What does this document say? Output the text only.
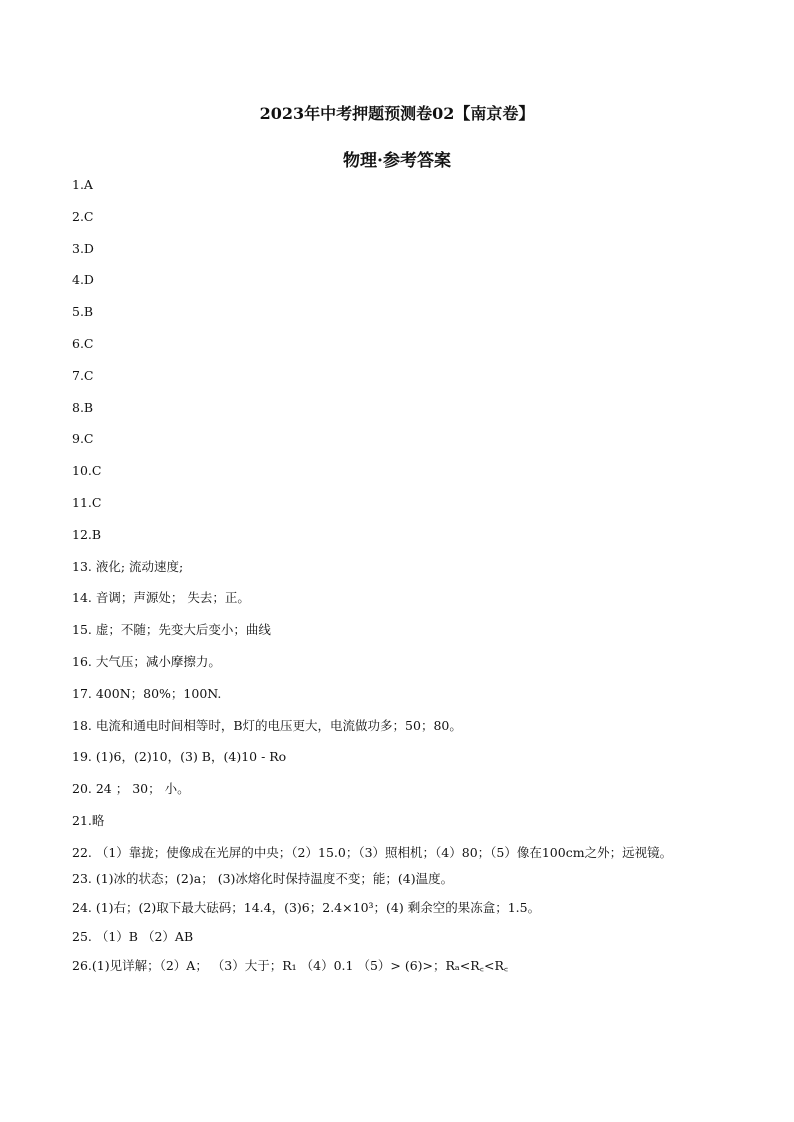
2023年中考押题预测卷02【南京卷】
物理·参考答案
1.A
2.C
3.D
4.D
5.B
6.C
7.C
8.B
9.C
10.C
11.C
12.B
13. 液化; 流动速度;
14. 音调；声源处； 失去；正。
15. 虚；不随；先变大后变小；曲线
16. 大气压；减小摩擦力。
17. 400N；80%；100N.
18. 电流和通电时间相等时，B灯的电压更大，电流做功多；50；80。
19. (1)6，(2)10，(3) B，(4)10 - Ro
20. 24 ； 30； 小。
21.略
22. （1）靠拢；使像成在光屏的中央；（2）15.0；（3）照相机；（4）80；（5）像在100cm之外；远视镜。
23. (1)冰的状态；(2)a； (3)冰熔化时保持温度不变；能；(4)温度。
24. (1)右；(2)取下最大砝码；14.4，(3)6；2.4×10³；(4) 剩余空的果冻盒；1.5。
25. （1）B （2）AB
26.(1)见详解；（2）A； （3）大于；R₁ （4）0.1 （5）> (6)>；Rₐ<R꜀<R꜀
